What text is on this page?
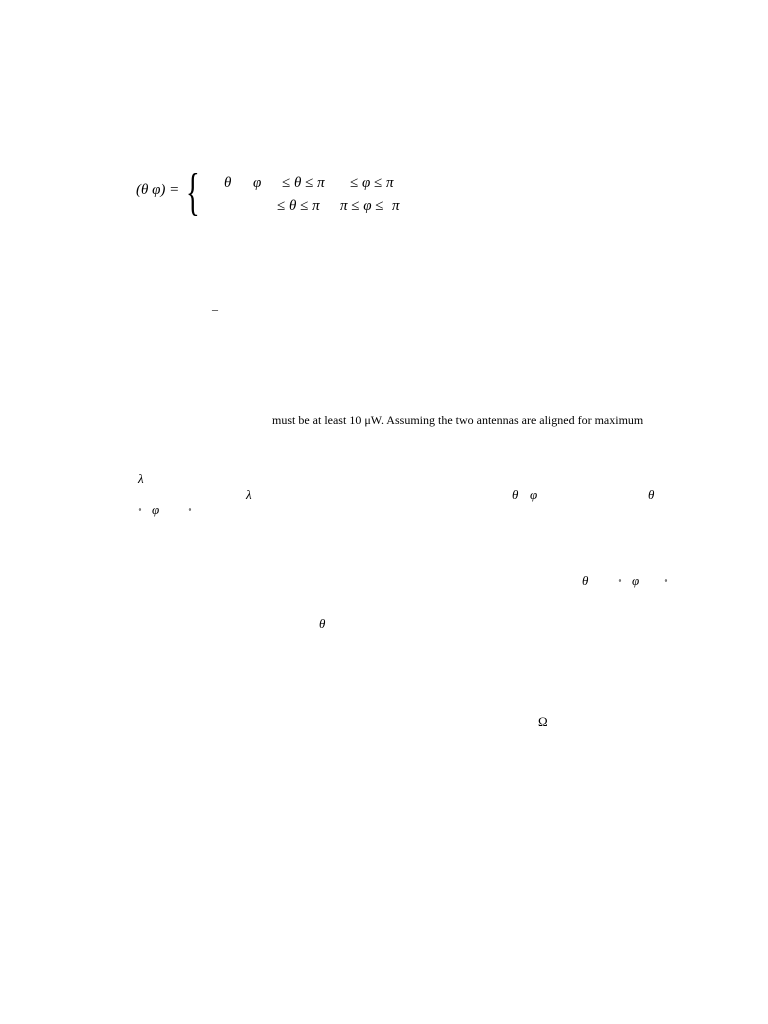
(θ φ) = { θ φ ≤ θ ≤ π ≤ φ ≤ π
≤ θ ≤ π π ≤ φ ≤ π
–
must be at least 10 μW. Assuming the two antennas are aligned for maximum
λ
λ	θ φ	θ
∘ φ	∘
θ	∘ φ	∘
θ
Ω
